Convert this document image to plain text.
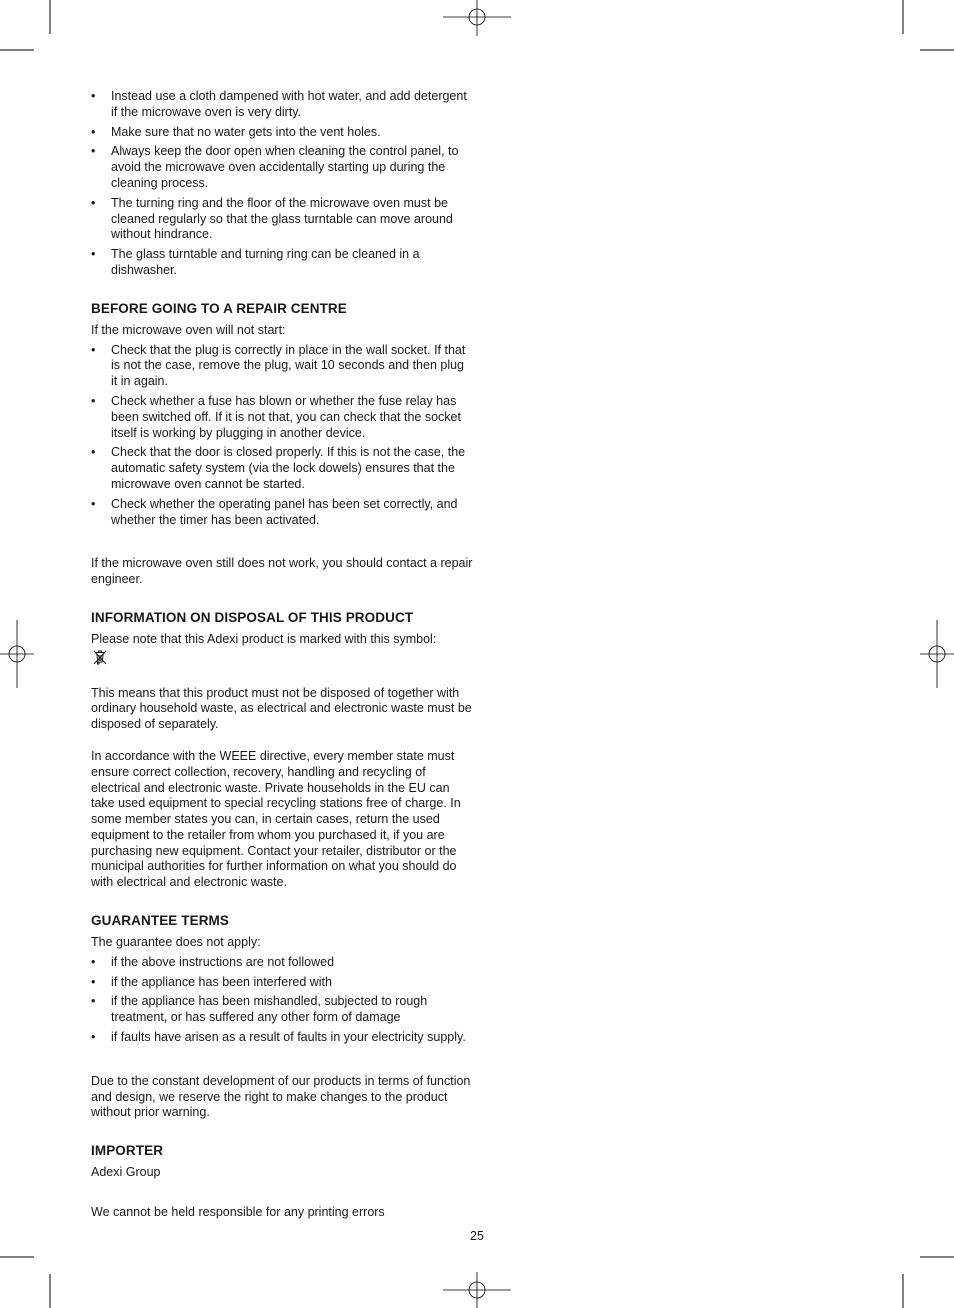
• Instead use a cloth dampened with hot water, and add detergent if the microwave oven is very dirty.
• Make sure that no water gets into the vent holes.
• Always keep the door open when cleaning the control panel, to avoid the microwave oven accidentally starting up during the cleaning process.
• The turning ring and the floor of the microwave oven must be cleaned regularly so that the glass turntable can move around without hindrance.
• The glass turntable and turning ring can be cleaned in a dishwasher.
BEFORE GOING TO A REPAIR CENTRE

If the microwave oven will not start:

• Check that the plug is correctly in place in the wall socket. If that is not the case, remove the plug, wait 10 seconds and then plug it in again.
• Check whether a fuse has blown or whether the fuse relay has been switched off. If it is not that, you can check that the socket itself is working by plugging in another device.
• Check that the door is closed properly. If this is not the case, the automatic safety system (via the lock dowels) ensures that the microwave oven cannot be started.
• Check whether the operating panel has been set correctly, and whether the timer has been activated.

If the microwave oven still does not work, you should contact a repair engineer.

INFORMATION ON DISPOSAL OF THIS PRODUCT

Please note that this Adexi product is marked with this symbol:

This means that this product must not be disposed of together with ordinary household waste, as electrical and electronic waste must be disposed of separately.

In accordance with the WEEE directive, every member state must ensure correct collection, recovery, handling and recycling of electrical and electronic waste. Private households in the EU can take used equipment to special recycling stations free of charge. In some member states you can, in certain cases, return the used equipment to the retailer from whom you purchased it, if you are purchasing new equipment. Contact your retailer, distributor or the municipal authorities for further information on what you should do with electrical and electronic waste.

GUARANTEE TERMS

The guarantee does not apply:

• if the above instructions are not followed
• if the appliance has been interfered with
• if the appliance has been mishandled, subjected to rough treatment, or has suffered any other form of damage
• if faults have arisen as a result of faults in your electricity supply.

Due to the constant development of our products in terms of function and design, we reserve the right to make changes to the product without prior warning.

IMPORTER

Adexi Group

We cannot be held responsible for any printing errors

25
